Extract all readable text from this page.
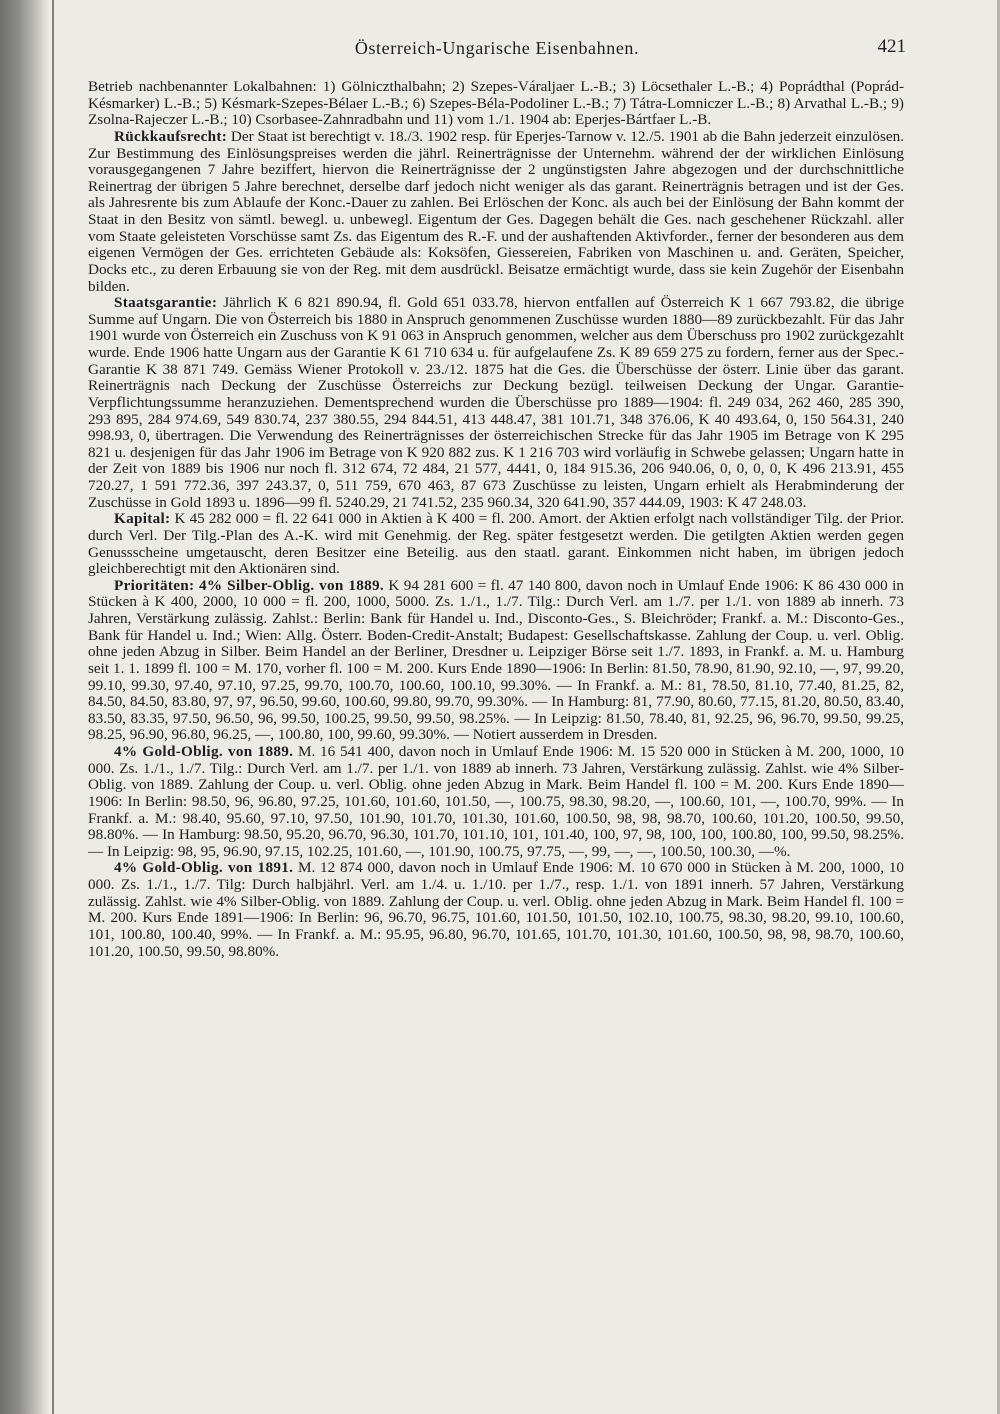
Österreich-Ungarische Eisenbahnen.	421

Betrieb nachbenannter Lokalbahnen: 1) Gölniczthalbahn; 2) Szepes-Váraljaer L.-B.; 3) Löcsethaler L.-B.; 4) Poprádthal (Poprád-Késmarker) L.-B.; 5) Késmark-Szepes-Bélaer L.-B.; 6) Szepes-Béla-Podoliner L.-B.; 7) Tátra-Lomniczer L.-B.; 8) Arvathal L.-B.; 9) Zsolna-Rajeczer L.-B.; 10) Csorbasee-Zahnradbahn und 11) vom 1./1. 1904 ab: Eperjes-Bártfaer L.-B.

Rückkaufsrecht: Der Staat ist berechtigt v. 18./3. 1902 resp. für Eperjes-Tarnow v. 12./5. 1901 ab die Bahn jederzeit einzulösen. Zur Bestimmung des Einlösungspreises werden die jährl. Reinerträgnisse der Unternehm. während der der wirklichen Einlösung vorausgegangenen 7 Jahre beziffert, hiervon die Reinerträgnisse der 2 ungünstigsten Jahre abgezogen und der durchschnittliche Reinertrag der übrigen 5 Jahre berechnet, derselbe darf jedoch nicht weniger als das garant. Reinerträgnis betragen und ist der Ges. als Jahresrente bis zum Ablaufe der Konc.-Dauer zu zahlen. Bei Erlöschen der Konc. als auch bei der Einlösung der Bahn kommt der Staat in den Besitz von sämtl. bewegl. u. unbewegl. Eigentum der Ges. Dagegen behält die Ges. nach geschehener Rückzahl. aller vom Staate geleisteten Vorschüsse samt Zs. das Eigentum des R.-F. und der aushaftenden Aktivforder., ferner der besonderen aus dem eigenen Vermögen der Ges. errichteten Gebäude als: Koksöfen, Giessereien, Fabriken von Maschinen u. and. Geräten, Speicher, Docks etc., zu deren Erbauung sie von der Reg. mit dem ausdrückl. Beisatze ermächtigt wurde, dass sie kein Zugehör der Eisenbahn bilden.

Staatsgarantie: Jährlich K 6 821 890.94, fl. Gold 651 033.78, hiervon entfallen auf Österreich K 1 667 793.82, die übrige Summe auf Ungarn. Die von Österreich bis 1880 in Anspruch genommenen Zuschüsse wurden 1880—89 zurückbezahlt. Für das Jahr 1901 wurde von Österreich ein Zuschuss von K 91 063 in Anspruch genommen, welcher aus dem Überschuss pro 1902 zurückgezahlt wurde. Ende 1906 hatte Ungarn aus der Garantie K 61 710 634 u. für aufgelaufene Zs. K 89 659 275 zu fordern, ferner aus der Spec.-Garantie K 38 871 749. Gemäss Wiener Protokoll v. 23./12. 1875 hat die Ges. die Überschüsse der österr. Linie über das garant. Reinerträgnis nach Deckung der Zuschüsse Österreichs zur Deckung bezügl. teilweisen Deckung der Ungar. Garantie-Verpflichtungssumme heranzuziehen. Dementsprechend wurden die Überschüsse pro 1889—1904: fl. 249 034, 262 460, 285 390, 293 895, 284 974.69, 549 830.74, 237 380.55, 294 844.51, 413 448.47, 381 101.71, 348 376.06, K 40 493.64, 0, 150 564.31, 240 998.93, 0, übertragen. Die Verwendung des Reinerträgnisses der österreichischen Strecke für das Jahr 1905 im Betrage von K 295 821 u. desjenigen für das Jahr 1906 im Betrage von K 920 882 zus. K 1 216 703 wird vorläufig in Schwebe gelassen; Ungarn hatte in der Zeit von 1889 bis 1906 nur noch fl. 312 674, 72 484, 21 577, 4441, 0, 184 915.36, 206 940.06, 0, 0, 0, 0, K 496 213.91, 455 720.27, 1 591 772.36, 397 243.37, 0, 511 759, 670 463, 87 673 Zuschüsse zu leisten, Ungarn erhielt als Herabminderung der Zuschüsse in Gold 1893 u. 1896—99 fl. 5240.29, 21 741.52, 235 960.34, 320 641.90, 357 444.09, 1903: K 47 248.03.

Kapital: K 45 282 000 = fl. 22 641 000 in Aktien à K 400 = fl. 200. Amort. der Aktien erfolgt nach vollständiger Tilg. der Prior. durch Verl. Der Tilg.-Plan des A.-K. wird mit Genehmig. der Reg. später festgesetzt werden. Die getilgten Aktien werden gegen Genussscheine umgetauscht, deren Besitzer eine Beteilig. aus den staatl. garant. Einkommen nicht haben, im übrigen jedoch gleichberechtigt mit den Aktionären sind.

Prioritäten: 4% Silber-Oblig. von 1889. K 94 281 600 = fl. 47 140 800, davon noch in Umlauf Ende 1906: K 86 430 000 in Stücken à K 400, 2000, 10 000 = fl. 200, 1000, 5000. Zs. 1./1., 1./7. Tilg.: Durch Verl. am 1./7. per 1./1. von 1889 ab innerh. 73 Jahren, Verstärkung zulässig. Zahlst.: Berlin: Bank für Handel u. Ind., Disconto-Ges., S. Bleichröder; Frankf. a. M.: Disconto-Ges., Bank für Handel u. Ind.; Wien: Allg. Österr. Boden-Credit-Anstalt; Budapest: Gesellschaftskasse. Zahlung der Coup. u. verl. Oblig. ohne jeden Abzug in Silber. Beim Handel an der Berliner, Dresdner u. Leipziger Börse seit 1./7. 1893, in Frankf. a. M. u. Hamburg seit 1. 1. 1899 fl. 100 = M. 170, vorher fl. 100 = M. 200. Kurs Ende 1890—1906: In Berlin: 81.50, 78.90, 81.90, 92.10, —, 97, 99.20, 99.10, 99.30, 97.40, 97.10, 97.25, 99.70, 100.70, 100.60, 100.10, 99.30%. — In Frankf. a. M.: 81, 78.50, 81.10, 77.40, 81.25, 82, 84.50, 84.50, 83.80, 97, 97, 96.50, 99.60, 100.60, 99.80, 99.70, 99.30%. — In Hamburg: 81, 77.90, 80.60, 77.15, 81.20, 80.50, 83.40, 83.50, 83.35, 97.50, 96.50, 96, 99.50, 100.25, 99.50, 99.50, 98.25%. — In Leipzig: 81.50, 78.40, 81, 92.25, 96, 96.70, 99.50, 99.25, 98.25, 96.90, 96.80, 96.25, —, 100.80, 100, 99.60, 99.30%. — Notiert ausserdem in Dresden.

4% Gold-Oblig. von 1889. M. 16 541 400, davon noch in Umlauf Ende 1906: M. 15 520 000 in Stücken à M. 200, 1000, 10 000. Zs. 1./1., 1./7. Tilg.: Durch Verl. am 1./7. per 1./1. von 1889 ab innerh. 73 Jahren, Verstärkung zulässig. Zahlst. wie 4% Silber-Oblig. von 1889. Zahlung der Coup. u. verl. Oblig. ohne jeden Abzug in Mark. Beim Handel fl. 100 = M. 200. Kurs Ende 1890—1906: In Berlin: 98.50, 96, 96.80, 97.25, 101.60, 101.60, 101.50, —, 100.75, 98.30, 98.20, —, 100.60, 101, —, 100.70, 99%. — In Frankf. a. M.: 98.40, 95.60, 97.10, 97.50, 101.90, 101.70, 101.30, 101.60, 100.50, 98, 98, 98.70, 100.60, 101.20, 100.50, 99.50, 98.80%. — In Hamburg: 98.50, 95.20, 96.70, 96.30, 101.70, 101.10, 101, 101.40, 100, 97, 98, 100, 100, 100.80, 100, 99.50, 98.25%. — In Leipzig: 98, 95, 96.90, 97.15, 102.25, 101.60, —, 101.90, 100.75, 97.75, —, 99, —, —, 100.50, 100.30, —%.

4% Gold-Oblig. von 1891. M. 12 874 000, davon noch in Umlauf Ende 1906: M. 10 670 000 in Stücken à M. 200, 1000, 10 000. Zs. 1./1., 1./7. Tilg: Durch halbjährl. Verl. am 1./4. u. 1./10. per 1./7., resp. 1./1. von 1891 innerh. 57 Jahren, Verstärkung zulässig. Zahlst. wie 4% Silber-Oblig. von 1889. Zahlung der Coup. u. verl. Oblig. ohne jeden Abzug in Mark. Beim Handel fl. 100 = M. 200. Kurs Ende 1891—1906: In Berlin: 96, 96.70, 96.75, 101.60, 101.50, 101.50, 102.10, 100.75, 98.30, 98.20, 99.10, 100.60, 101, 100.80, 100.40, 99%. — In Frankf. a. M.: 95.95, 96.80, 96.70, 101.65, 101.70, 101.30, 101.60, 100.50, 98, 98, 98.70, 100.60, 101.20, 100.50, 99.50, 98.80%.
